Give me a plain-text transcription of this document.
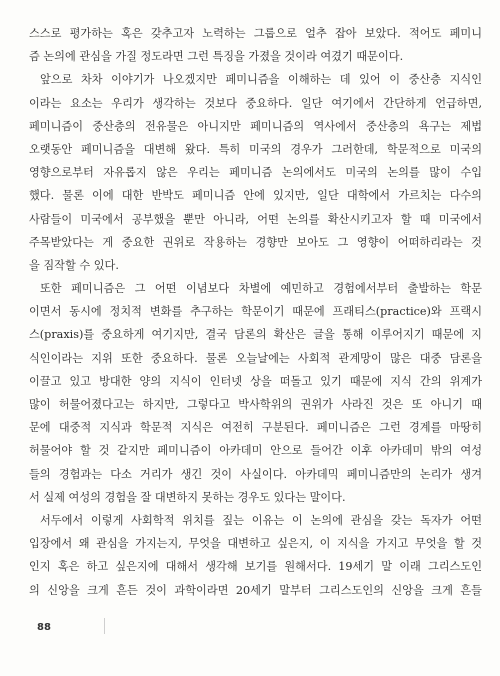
스스로 평가하는 혹은 갖추고자 노력하는 그룹으로 얼추 잡아 보았다. 적어도 페미니
즘 논의에 관심을 가질 정도라면 그런 특징을 가졌을 것이라 여겼기 때문이다.

앞으로 차차 이야기가 나오겠지만 페미니즘을 이해하는 데 있어 이 중산층 지식인
이라는 요소는 우리가 생각하는 것보다 중요하다. 일단 여기에서 간단하게 언급하면,
페미니즘이 중산층의 전유물은 아니지만 페미니즘의 역사에서 중산층의 욕구는 제법
오랫동안 페미니즘을 대변해 왔다. 특히 미국의 경우가 그러한데, 학문적으로 미국의
영향으로부터 자유롭지 않은 우리는 페미니즘 논의에서도 미국의 논의를 많이 수입
했다. 물론 이에 대한 반박도 페미니즘 안에 있지만, 일단 대학에서 가르치는 다수의
사람들이 미국에서 공부했을 뿐만 아니라, 어떤 논의를 확산시키고자 할 때 미국에서
주목받았다는 게 중요한 권위로 작용하는 경향만 보아도 그 영향이 어떠하리라는 것
을 짐작할 수 있다.

또한 페미니즘은 그 어떤 이념보다 차별에 예민하고 경험에서부터 출발하는 학문
이면서 동시에 정치적 변화를 추구하는 학문이기 때문에 프래티스(practice)와 프랙시
스(praxis)를 중요하게 여기지만, 결국 담론의 확산은 글을 통해 이루어지기 때문에 지
식인이라는 지위 또한 중요하다. 물론 오늘날에는 사회적 관계망이 많은 대중 담론을
이끌고 있고 방대한 양의 지식이 인터넷 상을 떠돌고 있기 때문에 지식 간의 위계가
많이 허물어졌다고는 하지만, 그렇다고 박사학위의 권위가 사라진 것은 또 아니기 때
문에 대중적 지식과 학문적 지식은 여전히 구분된다. 페미니즘은 그런 경계를 마땅히
허물어야 할 것 같지만 페미니즘이 아카데미 안으로 들어간 이후 아카데미 밖의 여성
들의 경험과는 다소 거리가 생긴 것이 사실이다. 아카데믹 페미니즘만의 논리가 생겨
서 실제 여성의 경험을 잘 대변하지 못하는 경우도 있다는 말이다.

서두에서 이렇게 사회학적 위치를 짚는 이유는 이 논의에 관심을 갖는 독자가 어떤
입장에서 왜 관심을 가지는지, 무엇을 대변하고 싶은지, 이 지식을 가지고 무엇을 할 것
인지 혹은 하고 싶은지에 대해서 생각해 보기를 원해서다. 19세기 말 이래 그리스도인
의 신앙을 크게 흔든 것이 과학이라면 20세기 말부터 그리스도인의 신앙을 크게 흔들

88
